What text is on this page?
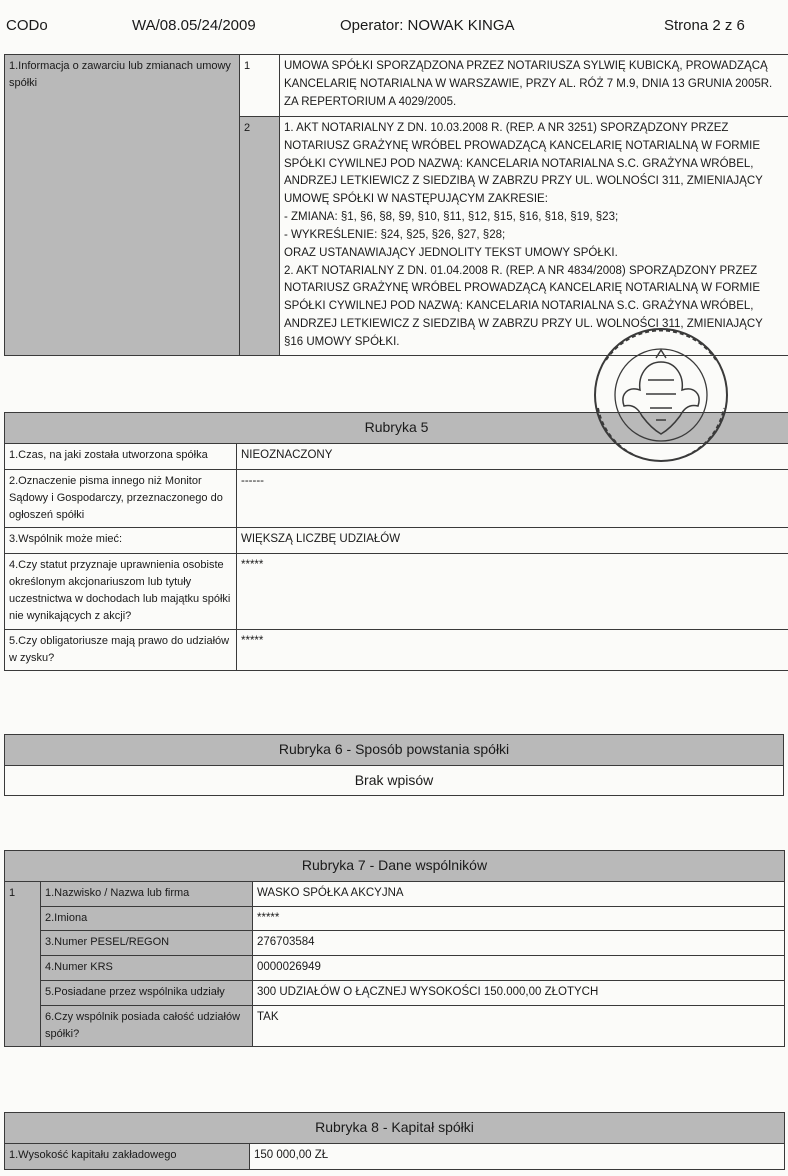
CODo	WA/08.05/24/2009	Operator: NOWAK KINGA	Strona 2 z 6
1.Informacja o zawarciu lub zmianach umowy spółki	1	UMOWA SPÓŁKI SPORZĄDZONA PRZEZ NOTARIUSZA SYLWIĘ KUBICKĄ, PROWADZĄCĄ KANCELARIĘ NOTARIALNA W WARSZAWIE, PRZY AL. RÓŻ 7 M.9, DNIA 13 GRUNIA 2005R. ZA REPERTORIUM A 4029/2005.

	2	1. AKT NOTARIALNY Z DN. 10.03.2008 R. (REP. A NR 3251) SPORZĄDZONY PRZEZ NOTARIUSZ GRAŻYNĘ WRÓBEL PROWADZĄCĄ KANCELARIĘ NOTARIALNĄ W FORMIE SPÓŁKI CYWILNEJ POD NAZWĄ: KANCELARIA NOTARIALNA S.C. GRAŻYNA WRÓBEL, ANDRZEJ LETKIEWICZ Z SIEDZIBĄ W ZABRZU PRZY UL. WOLNOŚCI 311, ZMIENIAJĄCY UMOWĘ SPÓŁKI W NASTĘPUJĄCYM ZAKRESIE:
- ZMIANA: §1, §6, §8, §9, §10, §11, §12, §15, §16, §18, §19, §23;
- WYKREŚLENIE: §24, §25, §26, §27, §28;
ORAZ USTANAWIAJĄCY JEDNOLITY TEKST UMOWY SPÓŁKI.
2. AKT NOTARIALNY Z DN. 01.04.2008 R. (REP. A NR 4834/2008) SPORZĄDZONY PRZEZ NOTARIUSZ GRAŻYNĘ WRÓBEL PROWADZĄCĄ KANCELARIĘ NOTARIALNĄ W FORMIE SPÓŁKI CYWILNEJ POD NAZWĄ: KANCELARIA NOTARIALNA S.C. GRAŻYNA WRÓBEL, ANDRZEJ LETKIEWICZ Z SIEDZIBĄ W ZABRZU PRZY UL. WOLNOŚCI 311, ZMIENIAJĄCY §16 UMOWY SPÓŁKI.
Rubryka 5	
1.Czas, na jaki została utworzona spółka	NIEOZNACZONY
2.Oznaczenie pisma innego niż Monitor Sądowy i Gospodarczy, przeznaczonego do ogłoszeń spółki	------
3.Wspólnik może mieć:	WIĘKSZĄ LICZBĘ UDZIAŁÓW
4.Czy statut przyznaje uprawnienia osobiste określonym akcjonariuszom lub tytuły uczestnictwa w dochodach lub majątku spółki nie wynikających z akcji?	*****
5.Czy obligatoriusze mają prawo do udziałów w zysku?	*****
Rubryka 6 - Sposób powstania spółki
Brak wpisów
Rubryka 7 - Dane wspólników		
1	1.Nazwisko / Nazwa lub firma	WASKO SPÓŁKA AKCYJNA
	2.Imiona	*****
	3.Numer PESEL/REGON	276703584
	4.Numer KRS	0000026949
	5.Posiadane przez wspólnika udziały	300 UDZIAŁÓW O ŁĄCZNEJ WYSOKOŚCI 150.000,00 ZŁOTYCH
	6.Czy wspólnik posiada całość udziałów spółki?	TAK
Rubryka 8 - Kapitał spółki
1.Wysokość kapitału zakładowego	150 000,00 ZŁ
